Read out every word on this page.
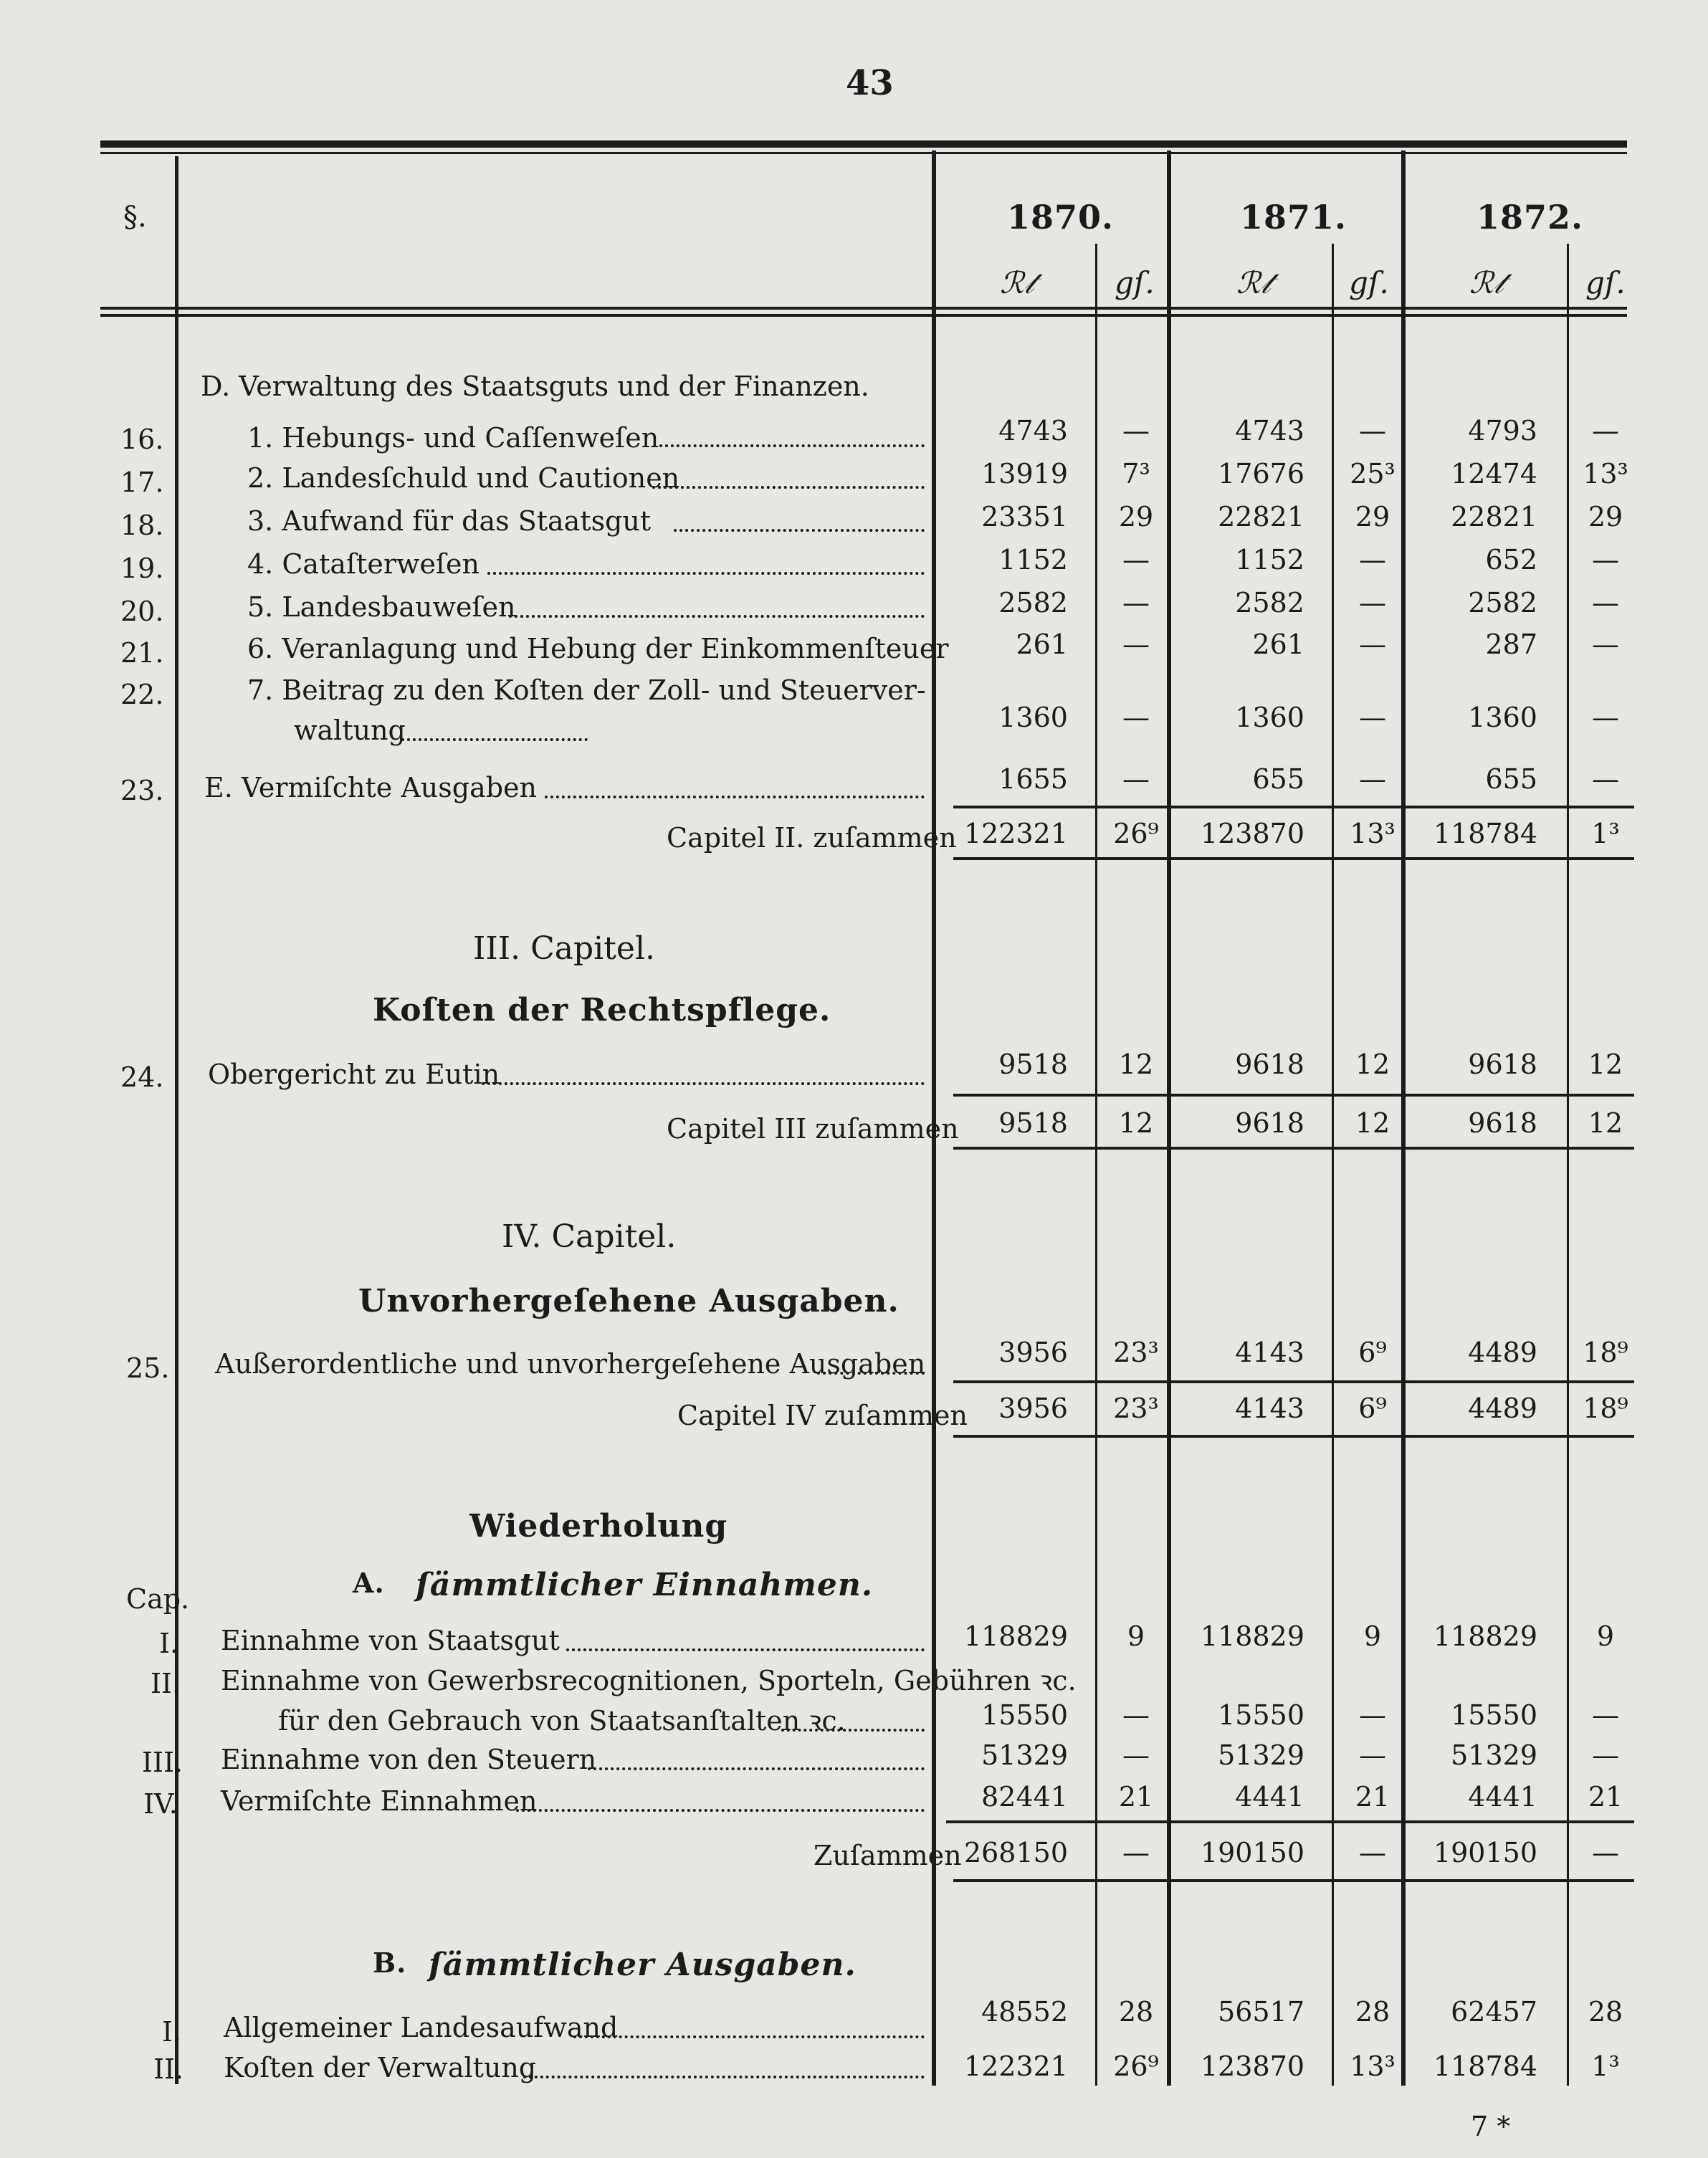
43
§.	1870.	1871.	1872.
ℛ𝓉	gſ.	ℛ𝓉	gſ.	ℛ𝓉	gſ.
D. Verwaltung des Staatsguts und der Finanzen.
16.	1. Hebungs- und Caſſenweſen	4743	—	4743	—	4793	—
17.	2. Landesſchuld und Cautionen	13919	7³	17676	25³	12474	13³
18.	3. Aufwand für das Staatsgut	23351	29	22821	29	22821	29
19.	4. Cataſterweſen	1152	—	1152	—	652	—
20.	5. Landesbauweſen	2582	—	2582	—	2582	—
21.	6. Veranlagung und Hebung der Einkommenſteuer	261	—	261	—	287	—
22.	7. Beitrag zu den Koſten der Zoll- und Steuerver-
waltung	1360	—	1360	—	1360	—
23. E. Vermiſchte Ausgaben	1655	—	655	—	655	—
Capitel II. zuſammen 122321	26⁹	123870	13³	118784	1³
III. Capitel.
Koſten der Rechtspflege.
24. Obergericht zu Eutin	9518	12	9618	12	9618	12
Capitel III zuſammen	9518	12	9618	12	9618	12
IV. Capitel.
Unvorhergeſehene Ausgaben.
25. Außerordentliche und unvorhergeſehene Ausgaben	3956	23³	4143	6⁹	4489	18⁹
Capitel IV zuſammen	3956	23³	4143	6⁹	4489	18⁹
Wiederholung
Cap.	A. ſämmtlicher Einnahmen.
I. Einnahme von Staatsgut	118829	9	118829	9	118829	9
II. Einnahme von Gewerbsrecognitionen, Sporteln, Gebühren ꝛc.
für den Gebrauch von Staatsanſtalten ꝛc.	15550	—	15550	—	15550	—
III. Einnahme von den Steuern	51329	—	51329	—	51329	—
IV. Vermiſchte Einnahmen	82441	21	4441	21	4441	21
Zuſammen 268150	—	190150	—	190150	—
B. ſämmtlicher Ausgaben.
I. Allgemeiner Landesaufwand	48552	28	56517	28	62457	28
II. Koſten der Verwaltung	122321	26⁹	123870	13³	118784	1³
7 *
